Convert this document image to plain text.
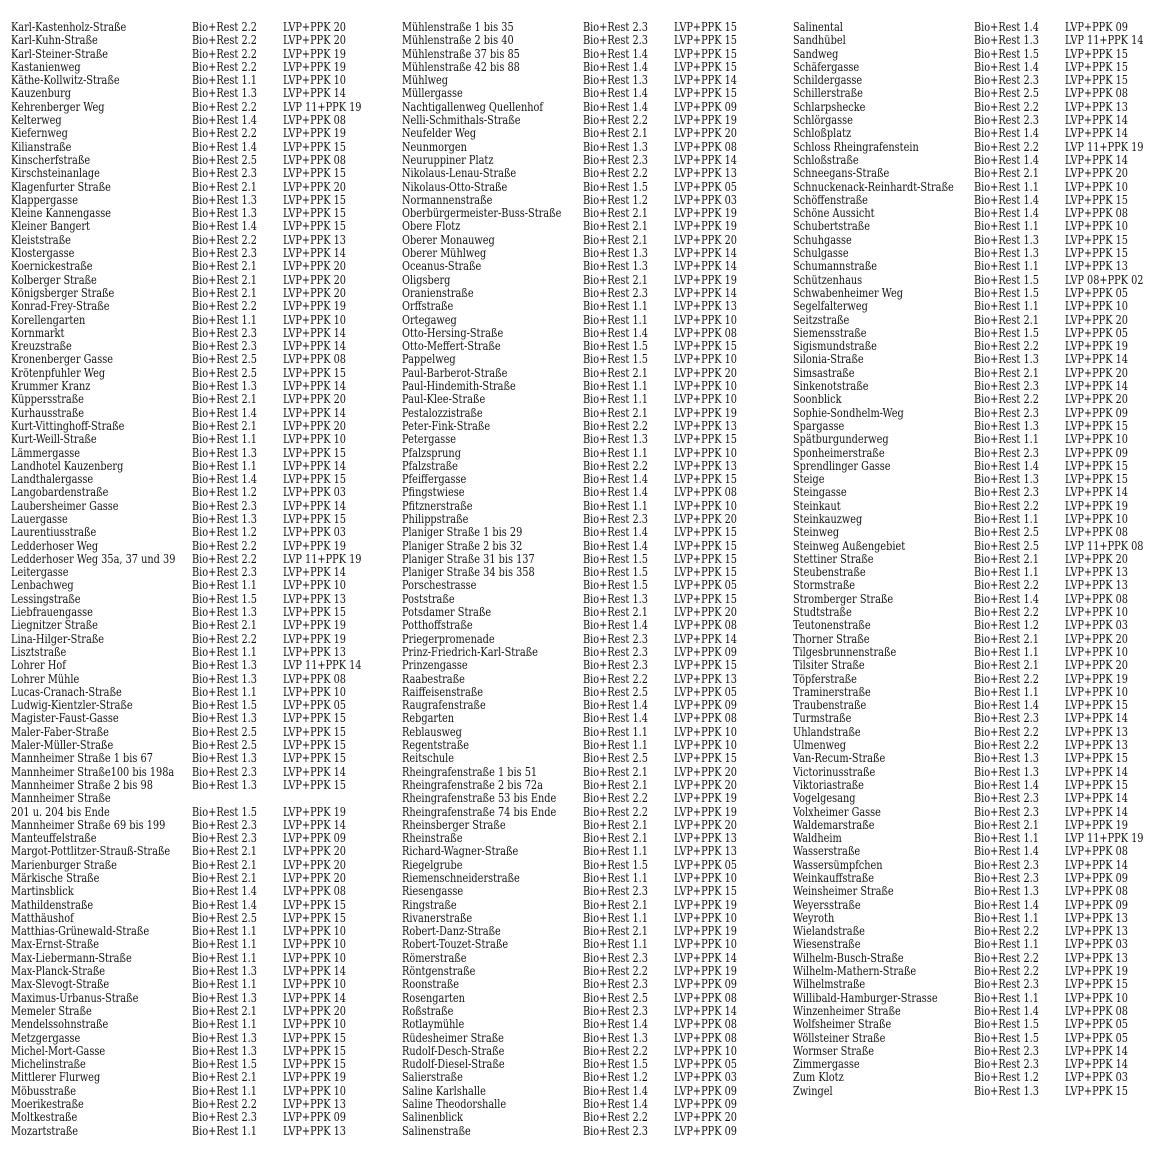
Karl-Kastenholz-Straße	Bio+Rest 2.2 LVP+PPK 20
Karl-Kuhn-Straße	Bio+Rest 2.2 LVP+PPK 20
Karl-Steiner-Straße	Bio+Rest 2.2 LVP+PPK 19
Kastanienweg	Bio+Rest 2.2 LVP+PPK 19
Käthe-Kollwitz-Straße	Bio+Rest 1.1 LVP+PPK 10
Kauzenburg	Bio+Rest 1.3 LVP+PPK 14
Kehrenberger Weg	Bio+Rest 2.2 LVP 11+PPK 19
Kelterweg	Bio+Rest 1.4 LVP+PPK 08
Kiefernweg	Bio+Rest 2.2 LVP+PPK 19
Kilianstraße	Bio+Rest 1.4 LVP+PPK 15
Kinscherfstraße	Bio+Rest 2.5 LVP+PPK 08
Kirschsteinanlage	Bio+Rest 2.3 LVP+PPK 15
Klagenfurter Straße	Bio+Rest 2.1 LVP+PPK 20
Klappergasse	Bio+Rest 1.3 LVP+PPK 15
Kleine Kannengasse	Bio+Rest 1.3 LVP+PPK 15
Kleiner Bangert	Bio+Rest 1.4 LVP+PPK 15
Kleiststraße	Bio+Rest 2.2 LVP+PPK 13
Klostergasse	Bio+Rest 2.3 LVP+PPK 14
Koernickestraße	Bio+Rest 2.1 LVP+PPK 20
Kolberger Straße	Bio+Rest 2.1 LVP+PPK 20
Königsberger Straße	Bio+Rest 2.1 LVP+PPK 20
Konrad-Frey-Straße	Bio+Rest 2.2 LVP+PPK 19
Korellengarten	Bio+Rest 1.1 LVP+PPK 10
Kornmarkt	Bio+Rest 2.3 LVP+PPK 14
Kreuzstraße	Bio+Rest 2.3 LVP+PPK 14
Kronenberger Gasse	Bio+Rest 2.5 LVP+PPK 08
Krötenpfuhler Weg	Bio+Rest 2.5 LVP+PPK 15
Krummer Kranz	Bio+Rest 1.3 LVP+PPK 14
Küppersstraße	Bio+Rest 2.1 LVP+PPK 20
Kurhausstraße	Bio+Rest 1.4 LVP+PPK 14
Kurt-Vittinghoff-Straße	Bio+Rest 2.1 LVP+PPK 20
Kurt-Weill-Straße	Bio+Rest 1.1 LVP+PPK 10
Lämmergasse	Bio+Rest 1.3 LVP+PPK 15
Landhotel Kauzenberg	Bio+Rest 1.1 LVP+PPK 14
Landthalergasse	Bio+Rest 1.4 LVP+PPK 15
Langobardenstraße	Bio+Rest 1.2 LVP+PPK 03
Laubersheimer Gasse	Bio+Rest 2.3 LVP+PPK 14
Lauergasse	Bio+Rest 1.3 LVP+PPK 15
Laurentiusstraße	Bio+Rest 1.2 LVP+PPK 03
Ledderhoser Weg	Bio+Rest 2.2 LVP+PPK 19
Ledderhoser Weg 35a, 37 und 39 Bio+Rest 2.2 LVP 11+PPK 19
Leitergasse	Bio+Rest 2.3 LVP+PPK 14
Lenbachweg	Bio+Rest 1.1 LVP+PPK 10
Lessingstraße	Bio+Rest 1.5 LVP+PPK 13
Liebfrauengasse	Bio+Rest 1.3 LVP+PPK 15
Liegnitzer Straße	Bio+Rest 2.1 LVP+PPK 19
Lina-Hilger-Straße	Bio+Rest 2.2 LVP+PPK 19
Lisztstraße	Bio+Rest 1.1 LVP+PPK 13
Lohrer Hof	Bio+Rest 1.3 LVP 11+PPK 14
Lohrer Mühle	Bio+Rest 1.3 LVP+PPK 08
Lucas-Cranach-Straße	Bio+Rest 1.1 LVP+PPK 10
Ludwig-Kientzler-Straße	Bio+Rest 1.5 LVP+PPK 05
Magister-Faust-Gasse	Bio+Rest 1.3 LVP+PPK 15
Maler-Faber-Straße	Bio+Rest 2.5 LVP+PPK 15
Maler-Müller-Straße	Bio+Rest 2.5 LVP+PPK 15
Mannheimer Straße 1 bis 67	Bio+Rest 1.3 LVP+PPK 15
Mannheimer Straße100 bis 198a Bio+Rest 2.3 LVP+PPK 14
Mannheimer Straße 2 bis 98	Bio+Rest 1.3 LVP+PPK 15
Mannheimer Straße
201 u. 204 bis Ende	Bio+Rest 1.5 LVP+PPK 19
Mannheimer Straße 69 bis 199 Bio+Rest 2.3 LVP+PPK 14
Manteuffelstraße	Bio+Rest 2.3 LVP+PPK 09
Margot-Pottlitzer-Strauß-Straße Bio+Rest 2.1 LVP+PPK 20
Marienburger Straße	Bio+Rest 2.1 LVP+PPK 20
Märkische Straße	Bio+Rest 2.1 LVP+PPK 20
Martinsblick	Bio+Rest 1.4 LVP+PPK 08
Mathildenstraße	Bio+Rest 1.4 LVP+PPK 15
Matthäushof	Bio+Rest 2.5 LVP+PPK 15
Matthias-Grünewald-Straße	Bio+Rest 1.1 LVP+PPK 10
Max-Ernst-Straße	Bio+Rest 1.1 LVP+PPK 10
Max-Liebermann-Straße	Bio+Rest 1.1 LVP+PPK 10
Max-Planck-Straße	Bio+Rest 1.3 LVP+PPK 14
Max-Slevogt-Straße	Bio+Rest 1.1 LVP+PPK 10
Maximus-Urbanus-Straße	Bio+Rest 1.3 LVP+PPK 14
Memeler Straße	Bio+Rest 2.1 LVP+PPK 20
Mendelssohnstraße	Bio+Rest 1.1 LVP+PPK 10
Metzgergasse	Bio+Rest 1.3 LVP+PPK 15
Michel-Mort-Gasse	Bio+Rest 1.3 LVP+PPK 15
Michelinstraße	Bio+Rest 1.5 LVP+PPK 15
Mittlerer Flurweg	Bio+Rest 2.1 LVP+PPK 19
Möbusstraße	Bio+Rest 1.1 LVP+PPK 10
Moerikestraße	Bio+Rest 2.2 LVP+PPK 13
Moltkestraße	Bio+Rest 2.3 LVP+PPK 09
Mozartstraße	Bio+Rest 1.1 LVP+PPK 13
Mühlenstraße 1 bis 35	Bio+Rest 2.3 LVP+PPK 15
Mühlenstraße 2 bis 40	Bio+Rest 2.3 LVP+PPK 15
Mühlenstraße 37 bis 85	Bio+Rest 1.4 LVP+PPK 15
Mühlenstraße 42 bis 88	Bio+Rest 1.4 LVP+PPK 15
Mühlweg	Bio+Rest 1.3 LVP+PPK 14
Müllergasse	Bio+Rest 1.4 LVP+PPK 15
Nachtigallenweg Quellenhof	Bio+Rest 1.4 LVP+PPK 09
Nelli-Schmithals-Straße	Bio+Rest 2.2 LVP+PPK 19
Neufelder Weg	Bio+Rest 2.1 LVP+PPK 20
Neunmorgen	Bio+Rest 1.3 LVP+PPK 08
Neuruppiner Platz	Bio+Rest 2.3 LVP+PPK 14
Nikolaus-Lenau-Straße	Bio+Rest 2.2 LVP+PPK 13
Nikolaus-Otto-Straße	Bio+Rest 1.5 LVP+PPK 05
Normannenstraße	Bio+Rest 1.2 LVP+PPK 03
Oberbürgermeister-Buss-Straße Bio+Rest 2.1 LVP+PPK 19
Obere Flotz	Bio+Rest 2.1 LVP+PPK 19
Oberer Monauweg	Bio+Rest 2.1 LVP+PPK 20
Oberer Mühlweg	Bio+Rest 1.3 LVP+PPK 14
Oceanus-Straße	Bio+Rest 1.3 LVP+PPK 14
Oligsberg	Bio+Rest 2.1 LVP+PPK 19
Oranienstraße	Bio+Rest 2.3 LVP+PPK 14
Orffstraße	Bio+Rest 1.1 LVP+PPK 13
Ortegaweg	Bio+Rest 1.1 LVP+PPK 10
Otto-Hersing-Straße	Bio+Rest 1.4 LVP+PPK 08
Otto-Meffert-Straße	Bio+Rest 1.5 LVP+PPK 15
Pappelweg	Bio+Rest 1.5 LVP+PPK 10
Paul-Barberot-Straße	Bio+Rest 2.1 LVP+PPK 20
Paul-Hindemith-Straße	Bio+Rest 1.1 LVP+PPK 10
Paul-Klee-Straße	Bio+Rest 1.1 LVP+PPK 10
Pestalozzistraße	Bio+Rest 2.1 LVP+PPK 19
Peter-Fink-Straße	Bio+Rest 2.2 LVP+PPK 13
Petergasse	Bio+Rest 1.3 LVP+PPK 15
Pfalzsprung	Bio+Rest 1.1 LVP+PPK 10
Pfalzstraße	Bio+Rest 2.2 LVP+PPK 13
Pfeiffergasse	Bio+Rest 1.4 LVP+PPK 15
Pfingstwiese	Bio+Rest 1.4 LVP+PPK 08
Pfitznerstraße	Bio+Rest 1.1 LVP+PPK 10
Philippstraße	Bio+Rest 2.3 LVP+PPK 20
Planiger Straße 1 bis 29	Bio+Rest 1.4 LVP+PPK 15
Planiger Straße 2 bis 32	Bio+Rest 1.4 LVP+PPK 15
Planiger Straße 31 bis 137	Bio+Rest 1.5 LVP+PPK 15
Planiger Straße 34 bis 358	Bio+Rest 1.5 LVP+PPK 15
Porschestrasse	Bio+Rest 1.5 LVP+PPK 05
Poststraße	Bio+Rest 1.3 LVP+PPK 15
Potsdamer Straße	Bio+Rest 2.1 LVP+PPK 20
Potthoffstraße	Bio+Rest 1.4 LVP+PPK 08
Priegerpromenade	Bio+Rest 2.3 LVP+PPK 14
Prinz-Friedrich-Karl-Straße	Bio+Rest 2.3 LVP+PPK 09
Prinzengasse	Bio+Rest 2.3 LVP+PPK 15
Raabestraße	Bio+Rest 2.2 LVP+PPK 13
Raiffeisenstraße	Bio+Rest 2.5 LVP+PPK 05
Raugrafenstraße	Bio+Rest 1.4 LVP+PPK 09
Rebgarten	Bio+Rest 1.4 LVP+PPK 08
Reblausweg	Bio+Rest 1.1 LVP+PPK 10
Regentstraße	Bio+Rest 1.1 LVP+PPK 10
Reitschule	Bio+Rest 2.5 LVP+PPK 15
Rheingrafenstraße 1 bis 51	Bio+Rest 2.1 LVP+PPK 20
Rheingrafenstraße 2 bis 72a	Bio+Rest 2.1 LVP+PPK 20
Rheingrafenstraße 53 bis Ende Bio+Rest 2.2 LVP+PPK 19
Rheingrafenstraße 74 bis Ende Bio+Rest 2.2 LVP+PPK 19
Rheinsberger Straße	Bio+Rest 2.1 LVP+PPK 20
Rheinstraße	Bio+Rest 2.1 LVP+PPK 13
Richard-Wagner-Straße	Bio+Rest 1.1 LVP+PPK 13
Riegelgrube	Bio+Rest 1.5 LVP+PPK 05
Riemenschneiderstraße	Bio+Rest 1.1 LVP+PPK 10
Riesengasse	Bio+Rest 2.3 LVP+PPK 15
Ringstraße	Bio+Rest 2.1 LVP+PPK 19
Rivanerstraße	Bio+Rest 1.1 LVP+PPK 10
Robert-Danz-Straße	Bio+Rest 2.1 LVP+PPK 19
Robert-Touzet-Straße	Bio+Rest 1.1 LVP+PPK 10
Römerstraße	Bio+Rest 2.3 LVP+PPK 14
Röntgenstraße	Bio+Rest 2.2 LVP+PPK 19
Roonstraße	Bio+Rest 2.3 LVP+PPK 09
Rosengarten	Bio+Rest 2.5 LVP+PPK 08
Roßstraße	Bio+Rest 2.3 LVP+PPK 14
Rotlaymühle	Bio+Rest 1.4 LVP+PPK 08
Rüdesheimer Straße	Bio+Rest 1.3 LVP+PPK 08
Rudolf-Desch-Straße	Bio+Rest 2.2 LVP+PPK 10
Rudolf-Diesel-Straße	Bio+Rest 1.5 LVP+PPK 05
Salierstraße	Bio+Rest 1.2 LVP+PPK 03
Saline Karlshalle	Bio+Rest 1.4 LVP+PPK 09
Saline Theodorshalle	Bio+Rest 1.4 LVP+PPK 09
Salinenblick	Bio+Rest 2.2 LVP+PPK 20
Salinenstraße	Bio+Rest 2.3 LVP+PPK 09
Salinental	Bio+Rest 1.4 LVP+PPK 09
Sandhübel	Bio+Rest 1.3 LVP 11+PPK 14
Sandweg	Bio+Rest 1.5 LVP+PPK 15
Schäfergasse	Bio+Rest 1.4 LVP+PPK 15
Schildergasse	Bio+Rest 2.3 LVP+PPK 15
Schillerstraße	Bio+Rest 2.5 LVP+PPK 08
Schlarpshecke	Bio+Rest 2.2 LVP+PPK 13
Schlörgasse	Bio+Rest 2.3 LVP+PPK 14
Schloßplatz	Bio+Rest 1.4 LVP+PPK 14
Schloss Rheingrafenstein	Bio+Rest 2.2 LVP 11+PPK 19
Schloßstraße	Bio+Rest 1.4 LVP+PPK 14
Schneegans-Straße	Bio+Rest 2.1 LVP+PPK 20
Schnuckenack-Reinhardt-Straße Bio+Rest 1.1 LVP+PPK 10
Schöffenstraße	Bio+Rest 1.4 LVP+PPK 15
Schöne Aussicht	Bio+Rest 1.4 LVP+PPK 08
Schubertstraße	Bio+Rest 1.1 LVP+PPK 10
Schuhgasse	Bio+Rest 1.3 LVP+PPK 15
Schulgasse	Bio+Rest 1.3 LVP+PPK 15
Schumannstraße	Bio+Rest 1.1 LVP+PPK 13
Schützenhaus	Bio+Rest 1.5 LVP 08+PPK 02
Schwabenheimer Weg	Bio+Rest 1.5 LVP+PPK 05
Segelfalterweg	Bio+Rest 1.1 LVP+PPK 10
Seitzstraße	Bio+Rest 2.1 LVP+PPK 20
Siemensstraße	Bio+Rest 1.5 LVP+PPK 05
Sigismundstraße	Bio+Rest 2.2 LVP+PPK 19
Silonia-Straße	Bio+Rest 1.3 LVP+PPK 14
Simsastraße	Bio+Rest 2.1 LVP+PPK 20
Sinkenotstraße	Bio+Rest 2.3 LVP+PPK 14
Soonblick	Bio+Rest 2.2 LVP+PPK 20
Sophie-Sondhelm-Weg	Bio+Rest 2.3 LVP+PPK 09
Spargasse	Bio+Rest 1.3 LVP+PPK 15
Spätburgunderweg	Bio+Rest 1.1 LVP+PPK 10
Sponheimerstraße	Bio+Rest 2.3 LVP+PPK 09
Sprendlinger Gasse	Bio+Rest 1.4 LVP+PPK 15
Steige	Bio+Rest 1.3 LVP+PPK 15
Steingasse	Bio+Rest 2.3 LVP+PPK 14
Steinkaut	Bio+Rest 2.2 LVP+PPK 19
Steinkauzweg	Bio+Rest 1.1 LVP+PPK 10
Steinweg	Bio+Rest 2.5 LVP+PPK 08
Steinweg Außengebiet	Bio+Rest 2.5 LVP 11+PPK 08
Stettiner Straße	Bio+Rest 2.1 LVP+PPK 20
Steubenstraße	Bio+Rest 1.1 LVP+PPK 13
Stormstraße	Bio+Rest 2.2 LVP+PPK 13
Stromberger Straße	Bio+Rest 1.4 LVP+PPK 08
Studtstraße	Bio+Rest 2.2 LVP+PPK 10
Teutonenstraße	Bio+Rest 1.2 LVP+PPK 03
Thorner Straße	Bio+Rest 2.1 LVP+PPK 20
Tilgesbrunnenstraße	Bio+Rest 1.1 LVP+PPK 10
Tilsiter Straße	Bio+Rest 2.1 LVP+PPK 20
Töpferstraße	Bio+Rest 2.2 LVP+PPK 19
Traminerstraße	Bio+Rest 1.1 LVP+PPK 10
Traubenstraße	Bio+Rest 1.4 LVP+PPK 15
Turmstraße	Bio+Rest 2.3 LVP+PPK 14
Uhlandstraße	Bio+Rest 2.2 LVP+PPK 13
Ulmenweg	Bio+Rest 2.2 LVP+PPK 13
Van-Recum-Straße	Bio+Rest 1.3 LVP+PPK 15
Victorinusstraße	Bio+Rest 1.3 LVP+PPK 14
Viktoriastraße	Bio+Rest 1.4 LVP+PPK 15
Vogelgesang	Bio+Rest 2.3 LVP+PPK 14
Volxheimer Gasse	Bio+Rest 2.3 LVP+PPK 14
Waldemarstraße	Bio+Rest 2.1 LVP+PPK 19
Waldheim	Bio+Rest 1.1 LVP 11+PPK 19
Wasserstraße	Bio+Rest 1.4 LVP+PPK 08
Wassersümpfchen	Bio+Rest 2.3 LVP+PPK 14
Weinkauffstraße	Bio+Rest 2.3 LVP+PPK 09
Weinsheimer Straße	Bio+Rest 1.3 LVP+PPK 08
Weyersstraße	Bio+Rest 1.4 LVP+PPK 09
Weyroth	Bio+Rest 1.1 LVP+PPK 13
Wielandstraße	Bio+Rest 2.2 LVP+PPK 13
Wiesenstraße	Bio+Rest 1.1 LVP+PPK 03
Wilhelm-Busch-Straße	Bio+Rest 2.2 LVP+PPK 13
Wilhelm-Mathern-Straße	Bio+Rest 2.2 LVP+PPK 19
Wilhelmstraße	Bio+Rest 2.3 LVP+PPK 15
Willibald-Hamburger-Strasse	Bio+Rest 1.1 LVP+PPK 10
Winzenheimer Straße	Bio+Rest 1.4 LVP+PPK 08
Wolfsheimer Straße	Bio+Rest 1.5 LVP+PPK 05
Wöllsteiner Straße	Bio+Rest 1.5 LVP+PPK 05
Wormser Straße	Bio+Rest 2.3 LVP+PPK 14
Zimmergasse	Bio+Rest 2.3 LVP+PPK 14
Zum Klotz	Bio+Rest 1.2 LVP+PPK 03
Zwingel	Bio+Rest 1.3 LVP+PPK 15
